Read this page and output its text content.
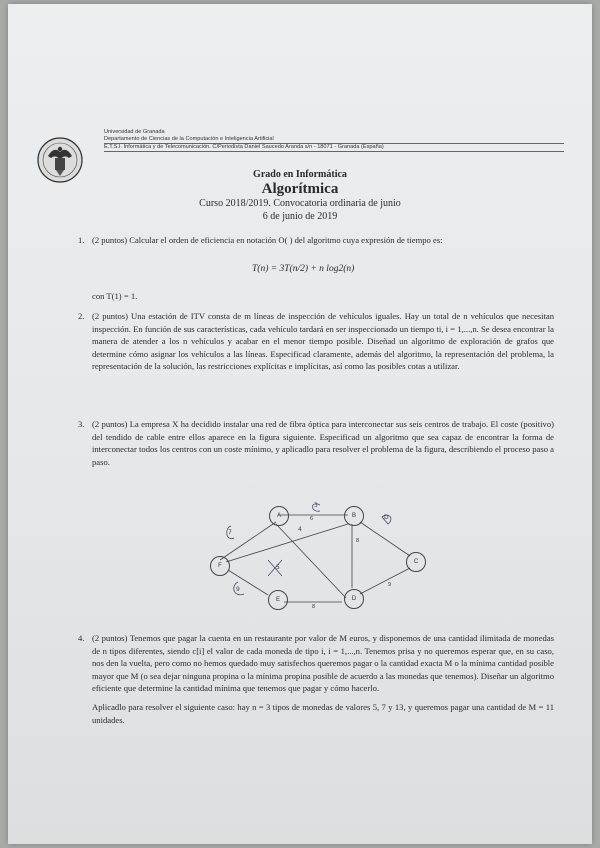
Universidad de Granada
Departamento de Ciencias de la Computación e Inteligencia Artificial
E.T.S.I. Informática y de Telecomunicación. C/Periodista Daniel Saucedo Aranda s/n - 18071 - Granada (España)
Grado en Informática
Algorítmica
Curso 2018/2019. Convocatoria ordinaria de junio
6 de junio de 2019
1. (2 puntos) Calcular el orden de eficiencia en notación O( ) del algoritmo cuya expresión de tiempo es:
T(n) = 3T(n/2) + n log2(n)
con T(1) = 1.
2. (2 puntos) Una estación de ITV consta de m líneas de inspección de vehículos iguales. Hay un total de n vehículos que necesitan inspección. En función de sus características, cada vehículo tardará en ser inspeccionado un tiempo ti, i = 1,...,n. Se desea encontrar la manera de atender a los n vehículos y acabar en el menor tiempo posible. Diseñad un algoritmo de exploración de grafos que determine cómo asignar los vehículos a las líneas. Especificad claramente, además del algoritmo, la representación del problema, la representación de la solución, las restricciones explícitas e implícitas, así como las posibles cotas a utilizar.
3. (2 puntos) La empresa X ha decidido instalar una red de fibra óptica para interconectar sus seis centros de trabajo. El coste (positivo) del tendido de cable entre ellos aparece en la figura siguiente. Especificad un algoritmo que sea capaz de encontrar la forma de interconectar todos los centros con un coste mínimo, y aplicadlo para resolver el problema de la figura, describiendo el proceso paso a paso.
A	B
C
D
E
F
6
8
9
8
3
7
5
9
D
4
4. (2 puntos) Tenemos que pagar la cuenta en un restaurante por valor de M euros, y disponemos de una cantidad ilimitada de monedas de n tipos diferentes, siendo c[i] el valor de cada moneda de tipo i, i = 1,...,n. Tenemos prisa y no queremos esperar que, en su caso, nos den la vuelta, pero como no hemos quedado muy satisfechos queremos pagar o la cantidad exacta M o la mínima cantidad posible mayor que M (o sea dejar ninguna propina o la mínima propina posible de acuerdo a las monedas que tenemos). Diseñar un algoritmo eficiente que determine la cantidad mínima que tenemos que pagar y cómo hacerlo.
Aplicadlo para resolver el siguiente caso: hay n = 3 tipos de monedas de valores 5, 7 y 13, y queremos pagar una cantidad de M = 11 unidades.
